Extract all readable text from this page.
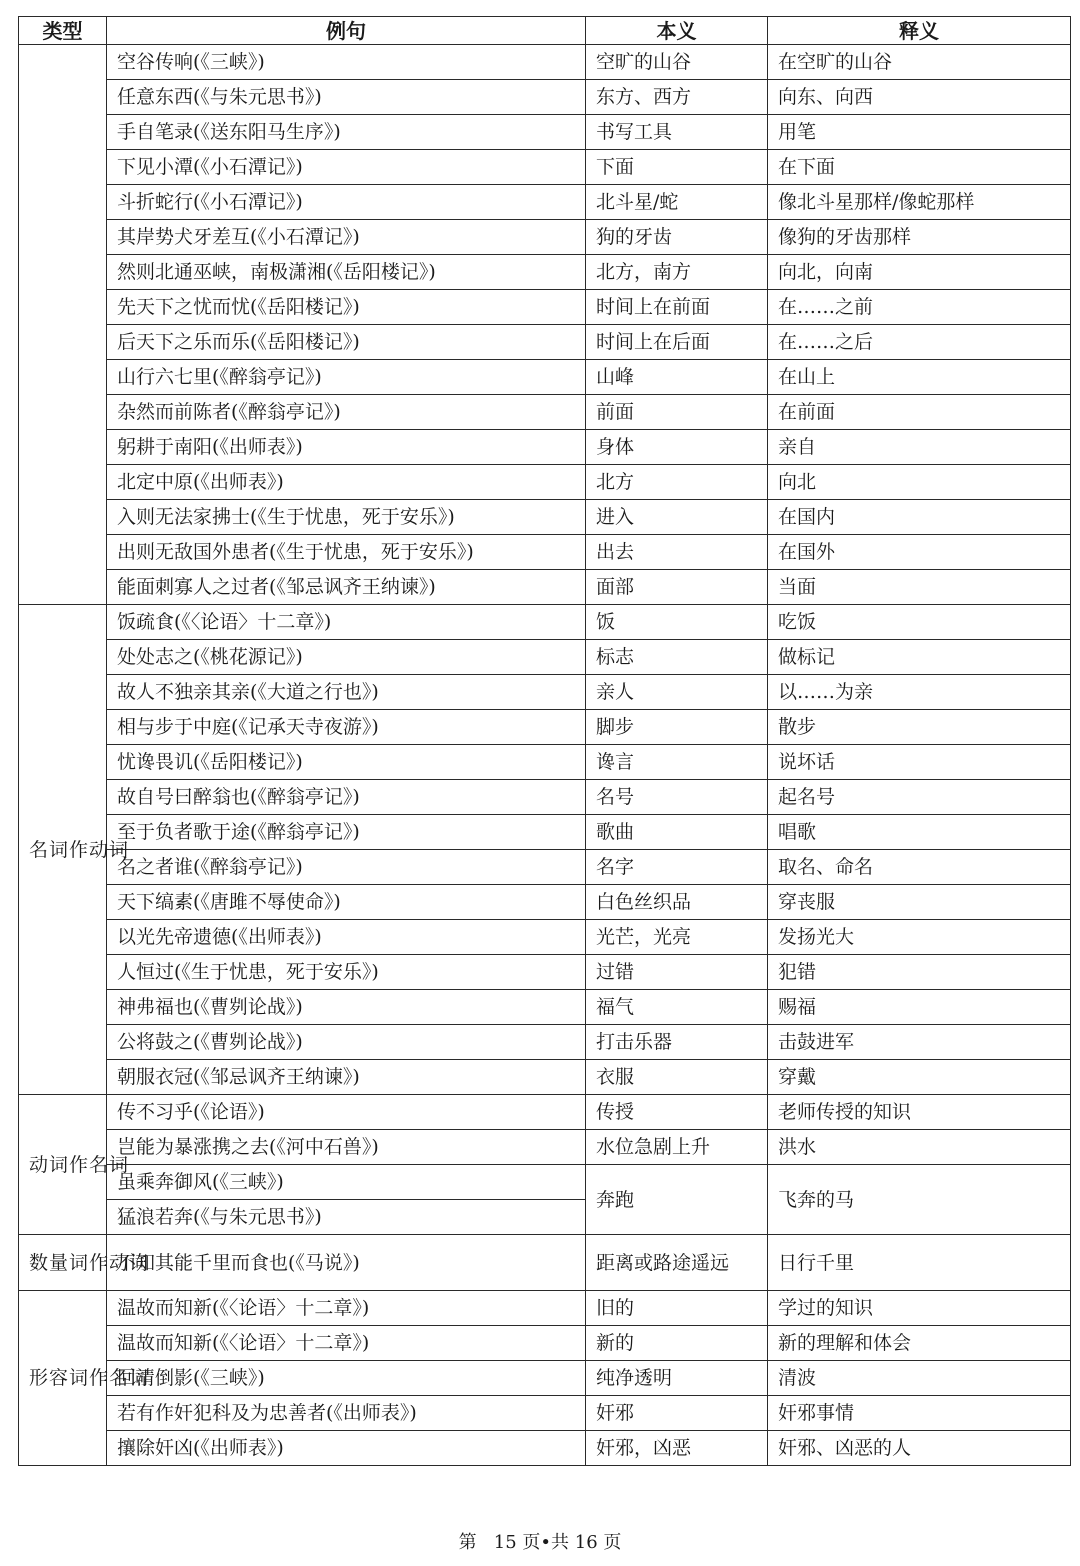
类型	例句	本义	释义
	空谷传响(《三峡》)	空旷的山谷	在空旷的山谷
	任意东西(《与朱元思书》)	东方、西方	向东、向西
	手自笔录(《送东阳马生序》)	书写工具	用笔
	下见小潭(《小石潭记》)	下面	在下面
	斗折蛇行(《小石潭记》)	北斗星/蛇	像北斗星那样/像蛇那样
	其岸势犬牙差互(《小石潭记》)	狗的牙齿	像狗的牙齿那样
	然则北通巫峡，南极潇湘(《岳阳楼记》)	北方，南方	向北，向南
	先天下之忧而忧(《岳阳楼记》)	时间上在前面	在……之前
	后天下之乐而乐(《岳阳楼记》)	时间上在后面	在……之后
	山行六七里(《醉翁亭记》)	山峰	在山上
	杂然而前陈者(《醉翁亭记》)	前面	在前面
	躬耕于南阳(《出师表》)	身体	亲自
	北定中原(《出师表》)	北方	向北
	入则无法家拂士(《生于忧患，死于安乐》)	进入	在国内
	出则无敌国外患者(《生于忧患，死于安乐》)	出去	在国外
	能面刺寡人之过者(《邹忌讽齐王纳谏》)	面部	当面
名词作动词	饭疏食(《〈论语〉十二章》)	饭	吃饭
	处处志之(《桃花源记》)	标志	做标记
	故人不独亲其亲(《大道之行也》)	亲人	以……为亲
	相与步于中庭(《记承天寺夜游》)	脚步	散步
	忧谗畏讥(《岳阳楼记》)	谗言	说坏话
	故自号曰醉翁也(《醉翁亭记》)	名号	起名号
	至于负者歌于途(《醉翁亭记》)	歌曲	唱歌
	名之者谁(《醉翁亭记》)	名字	取名、命名
	天下缟素(《唐雎不辱使命》)	白色丝织品	穿丧服
	以光先帝遗德(《出师表》)	光芒，光亮	发扬光大
	人恒过(《生于忧患，死于安乐》)	过错	犯错
	神弗福也(《曹刿论战》)	福气	赐福
	公将鼓之(《曹刿论战》)	打击乐器	击鼓进军
	朝服衣冠(《邹忌讽齐王纳谏》)	衣服	穿戴
动词作名词	传不习乎(《论语》)	传授	老师传授的知识
	岂能为暴涨携之去(《河中石兽》)	水位急剧上升	洪水
	虽乘奔御风(《三峡》)	奔跑	飞奔的马
	猛浪若奔(《与朱元思书》)		
数量词作动词	不知其能千里而食也(《马说》)	距离或路途遥远	日行千里
形容词作名词	温故而知新(《〈论语〉十二章》)	旧的	学过的知识
	温故而知新(《〈论语〉十二章》)	新的	新的理解和体会
	回清倒影(《三峡》)	纯净透明	清波
	若有作奸犯科及为忠善者(《出师表》)	奸邪	奸邪事情
	攘除奸凶(《出师表》)	奸邪，凶恶	奸邪、凶恶的人
第 15 页•共 16 页
